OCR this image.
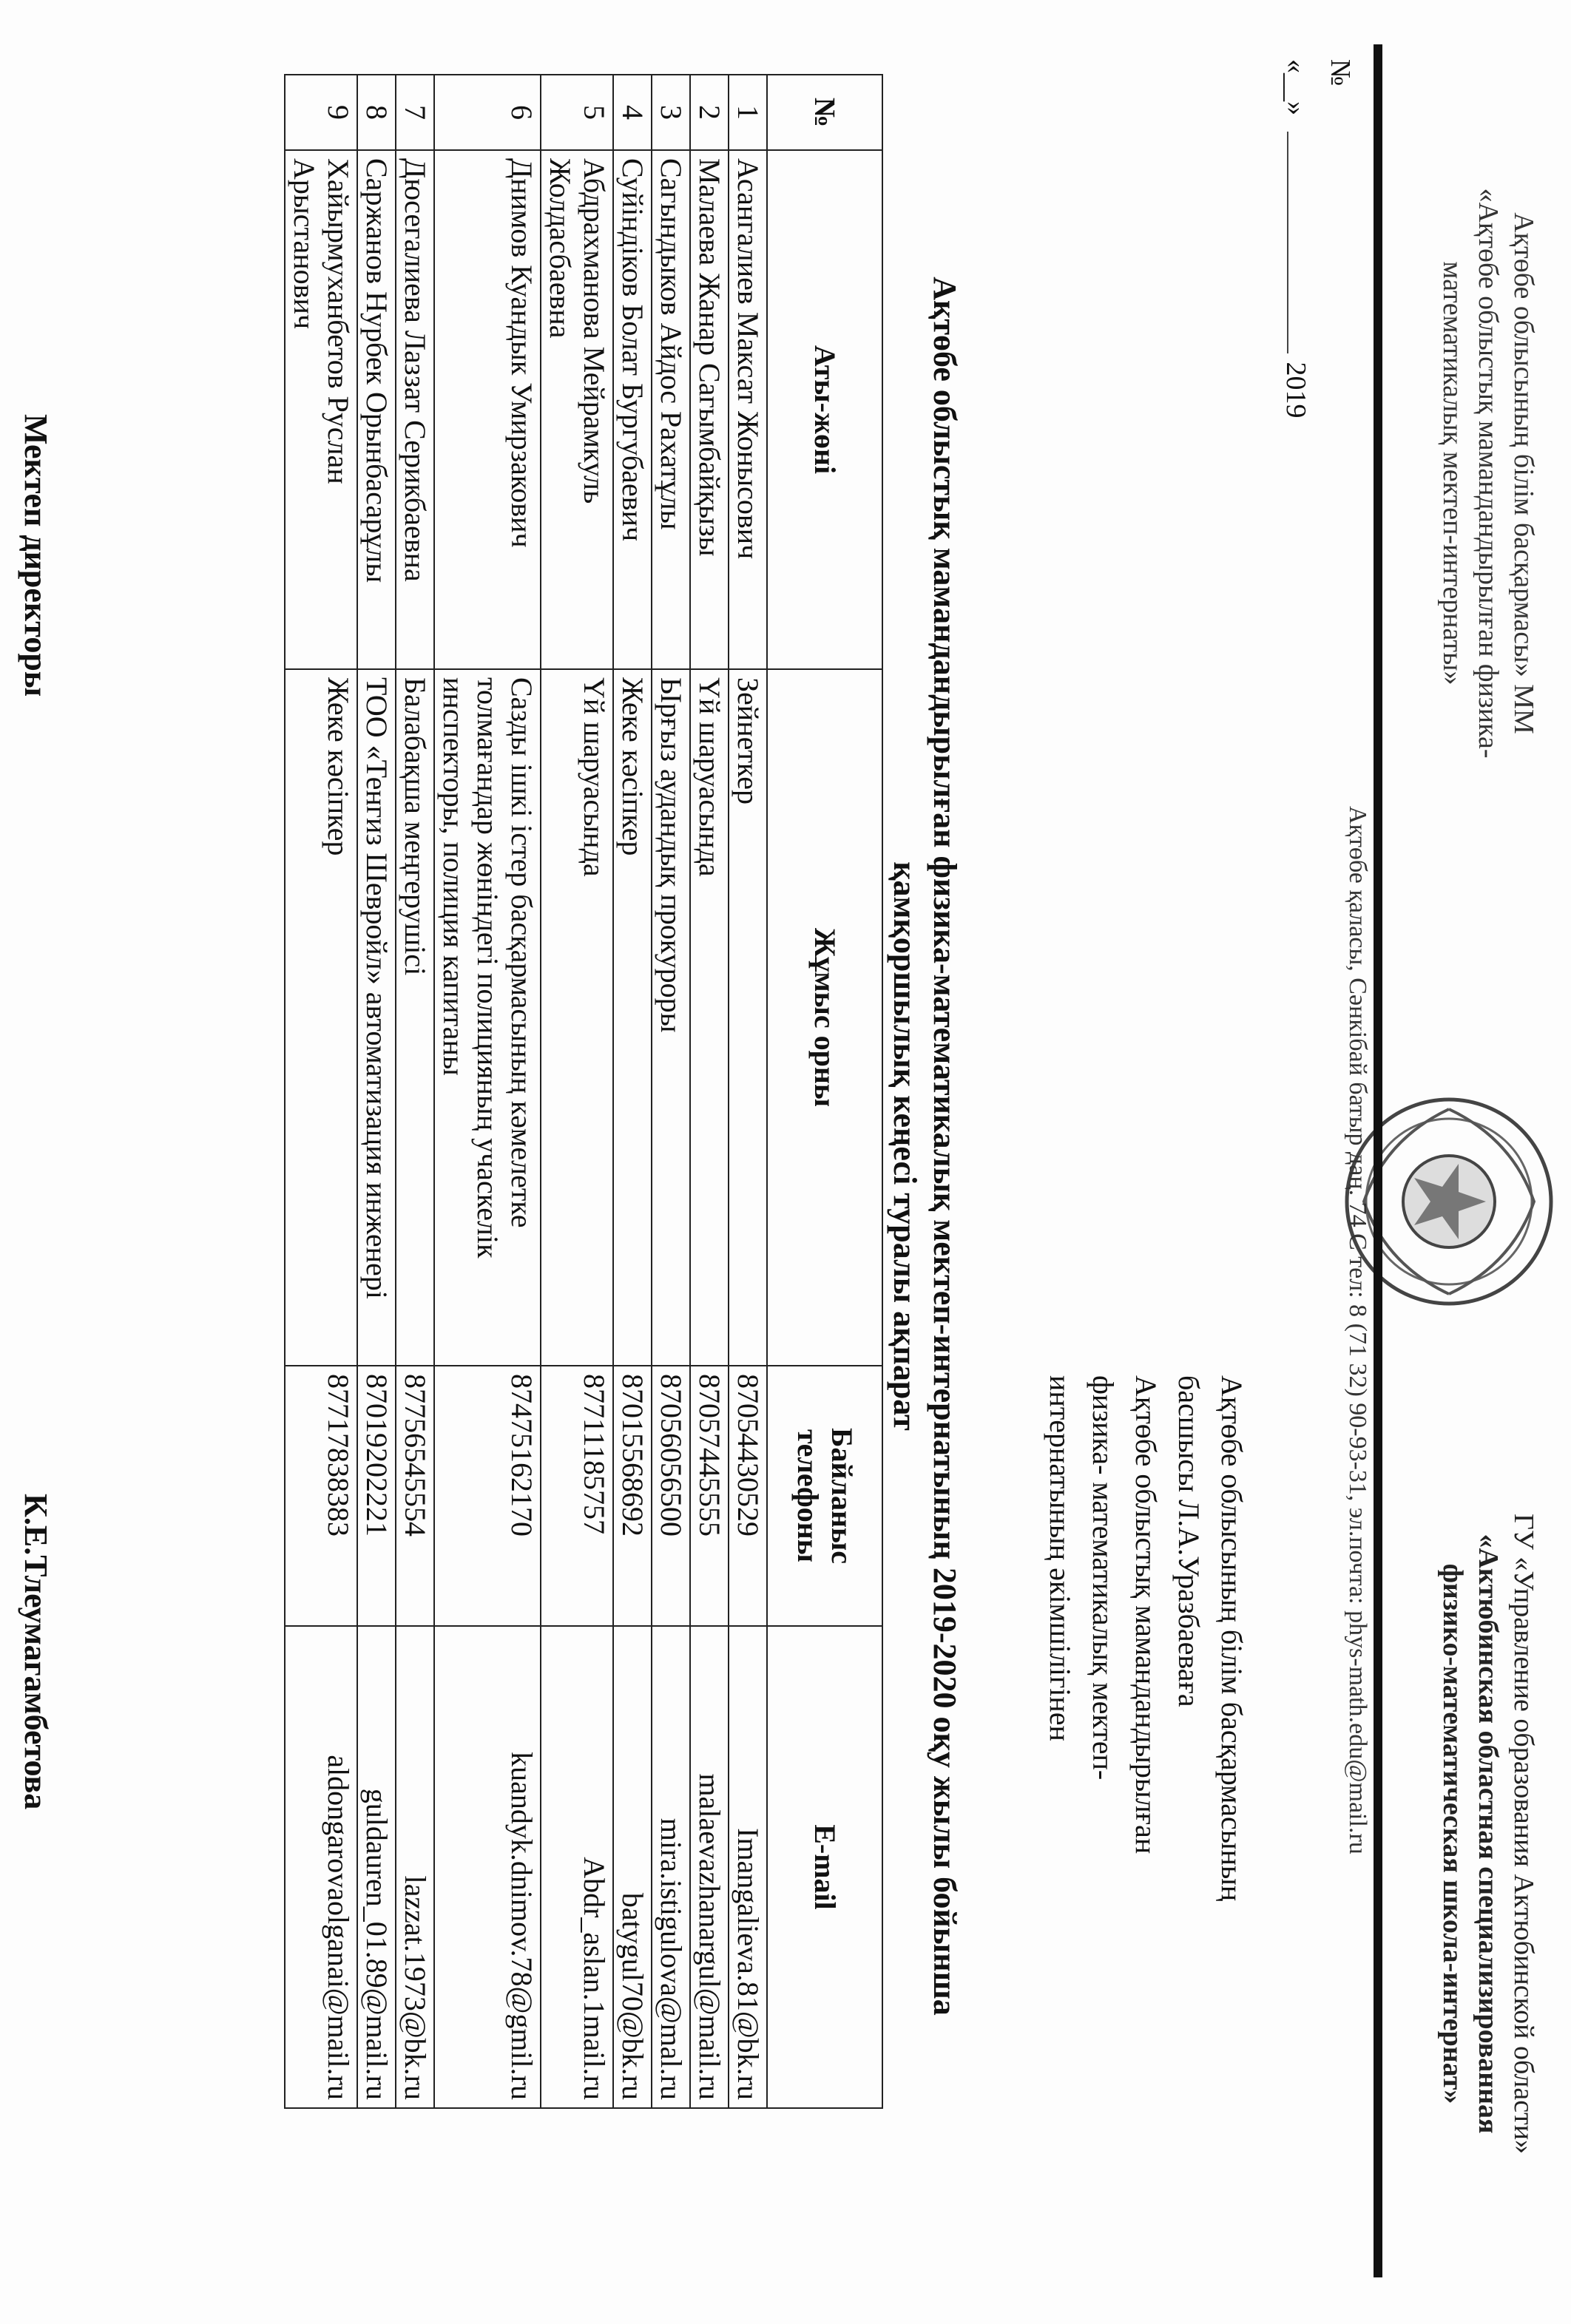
Ақтөбе облысының білім басқармасы» ММ
«Ақтөбе облыстық мамандандырылған физика-
математикалық мектеп-интернаты»
ГУ «Управление образования Актюбинской области»
«Актюбинская областная специализированная
физико-математическая школа-интернат»
Ақтөбе қаласы, Сәнкібай батыр даң. 74 С тел: 8 (71 32) 90-93-31, эл.почта: phys-math.edu@mail.ru
№
«__» 2019
Ақтөбе облысының білім басқармасының
басшысы Л.А.Уразбаеваға
Ақтөбе облыстық мамандандырылған
физика- математикалық мектеп-
интернатының әкімшілігінен
Ақтөбе облыстық мамандандырылған физика-математикалық мектеп-интернатының 2019-2020 оқу жылы бойынша
қамқоршылық кеңесі туралы ақпарат
№	Аты-жөні	Жұмыс орны	Байланыс телефоны	E-mail
1	Асангалиев Максат Жонысович	Зейнеткер	87054430529	Imangalieva.81@bk.ru
2	Малаева Жанар Сагымбайқызы	Үй шаруасында	87057445555	malaevazhanargul@mail.ru
3	Сагындыков Айдос Рахатұлы	Ырғыз аудандық прокуроры	87056056500	mira.istigulova@mal.ru
4	Суйіндіков Болат Бургубаевич	Жеке кәсіпкер	87015568692	batygul70@bk.ru
5	Абдрахманова Мейрамкуль Жолдасбаевна	Үй шаруасында	87711185757	Abdr_aslan.1mail.ru
6	Днимов Куандык Умирзакович	Сазды ішкі істер басқармасының кәмелетке толмағандар жөніндегі полицияның учаскелік инспекторы, полиция капитаны	87475162170	kuandyk.dnimov.78@gmil.ru
7	Дюсегалиева Лаззат Серикбаевна	Балабақша меңгерушісі	87756545554	lazzat.1973@bk.ru
8	Саржанов Нурбек Орынбасарұлы	ТОО «Тенгиз Шевройл» автоматизация инженері	87019202221	guldauren_01.89@mail.ru
9	Хайырмуханбетов Руслан Арыстанович	Жеке кәсіпкер	87717838383	aldongarovaolganai@mail.ru
Мектеп директоры
К.Е.Тлеумагамбетова
